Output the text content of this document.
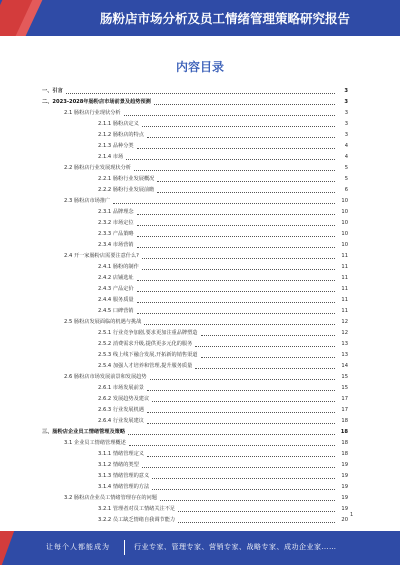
肠粉店市场分析及员工情绪管理策略研究报告
内容目录
一、引言	3
二、2023-2028年肠粉店市场前景及趋势预测	3
2.1 肠粉店行业现状分析	3
2.1.1 肠粉店定义	3
2.1.2 肠粉店的特点	3
2.1.3 品种分类	4
2.1.4 市场	4
2.2 肠粉店行业发展现状分析	5
2.2.1 肠粉行业发展概况	5
2.2.2 肠粉行业发展前瞻	6
2.3 肠粉店市场推广	10
2.3.1 品牌理念	10
2.3.2 市场定位	10
2.3.3 产品策略	10
2.3.4 市场营销	10
2.4 开一家肠粉店需要注意什么?	11
2.4.1 肠粉的制作	11
2.4.2 店铺选址	11
2.4.3 产品定价	11
2.4.4 服务质量	11
2.4.5 口碑营销	11
2.5 肠粉店发展面临的机遇与挑战	12
2.5.1 行业竞争加剧,要求更加注重品牌塑造	12
2.5.2 消费需求升级,提供更多元化的服务	13
2.5.3 线上线下融合发展,开拓新的销售渠道	13
2.5.4 加强人才培养和管理,提升服务质量	14
2.6 肠粉店市场发展前景和发展趋势	15
2.6.1 市场发展前景	15
2.6.2 发展趋势及建议	17
2.6.3 行业发展机遇	17
2.6.4 行业发展建议	18
三、肠粉店企业员工情绪管理及策略	18
3.1 企业员工情绪管理概述	18
3.1.1 情绪管理定义	18
3.1.2 情绪的类型	19
3.1.3 情绪管理的意义	19
3.1.4 情绪管理的方法	19
3.2 肠粉店企业员工情绪管理存在的问题	19
3.2.1 管理者对员工情绪关注不足	19
3.2.2 员工缺乏情绪自我调节能力	20
1
让每个人都能成为	行业专家、管理专家、营销专家、战略专家、成功企业家……
